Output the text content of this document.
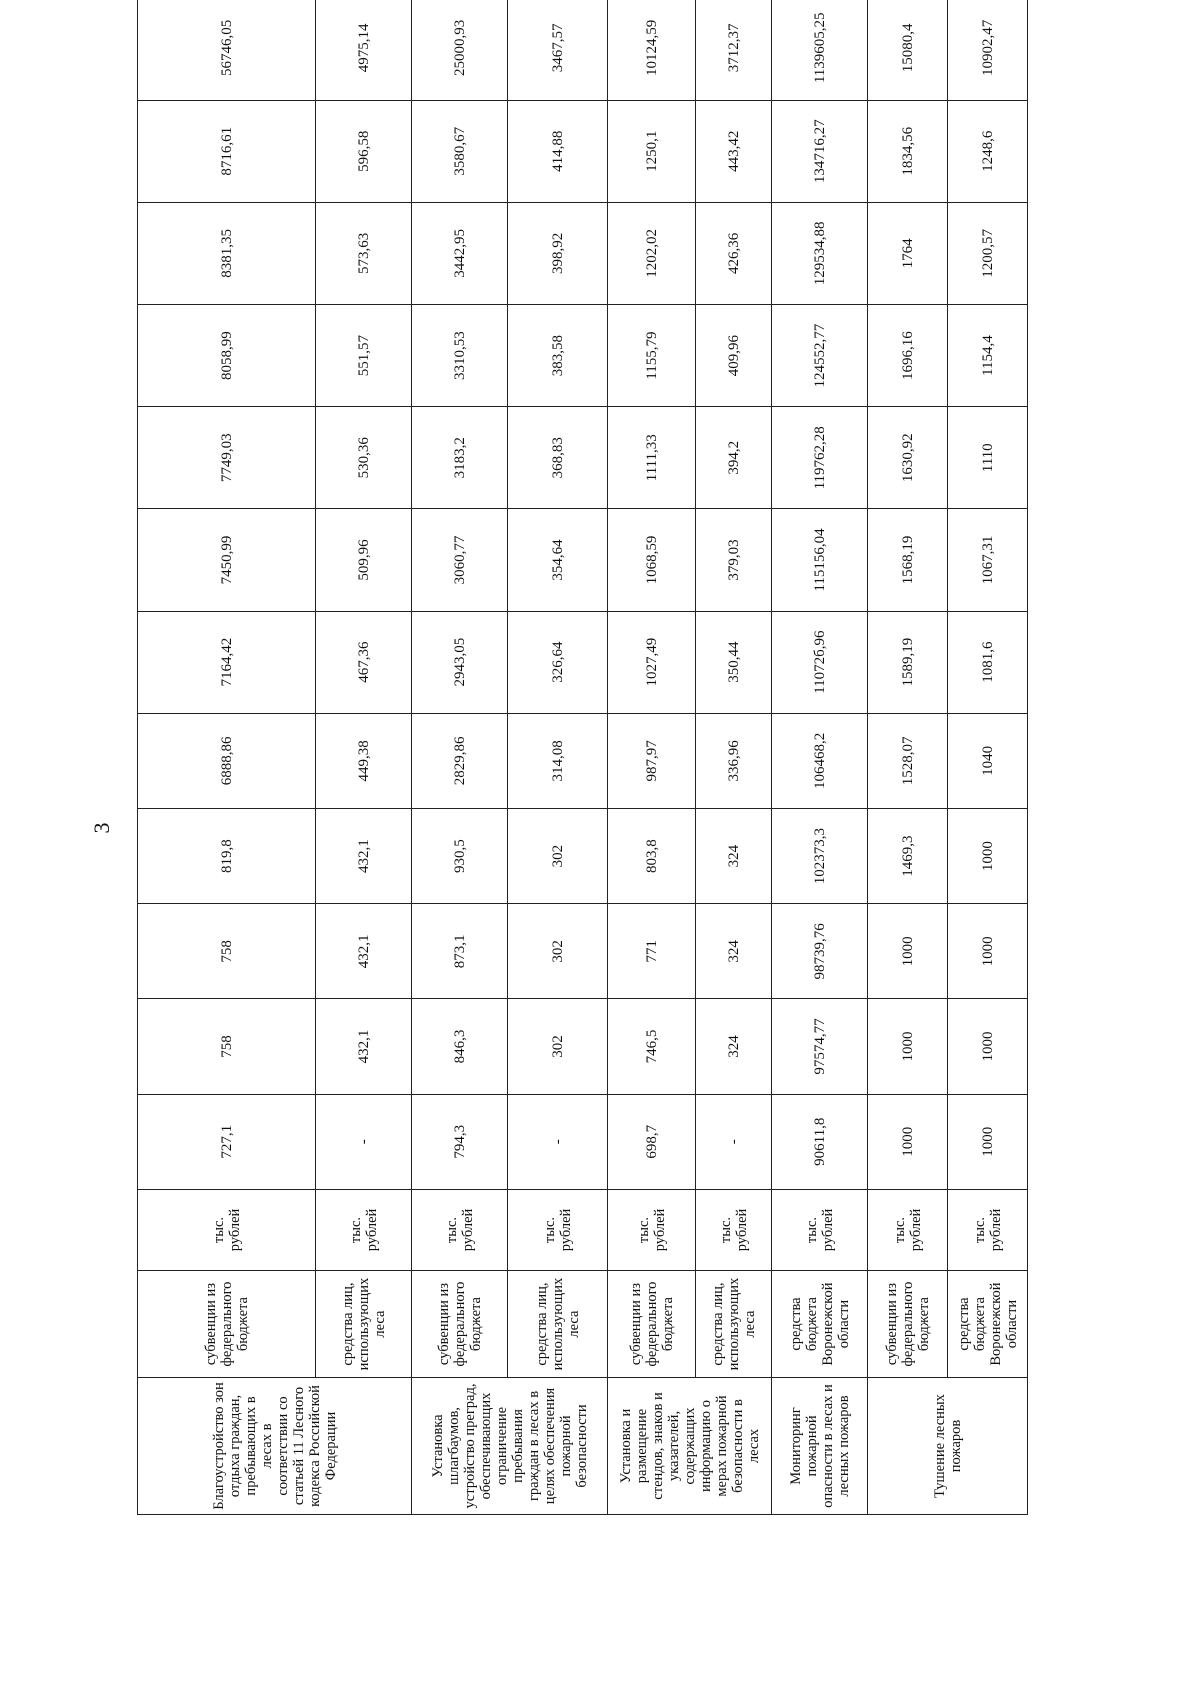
3
Благоустройство зон отдыха граждан, пребывающих в лесах в соответствии со статьей 11 Лесного кодекса Российской Федерации	субвенции из федерального бюджета	тыс. рублей	727,1	758	758	819,8	6888,86	7164,42	7450,99	7749,03	8058,99	8381,35	8716,61	56746,05
	средства лиц, использующих леса	тыс. рублей	-	432,1	432,1	432,1	449,38	467,36	509,96	530,36	551,57	573,63	596,58	4975,14
Установка шлагбаумов, устройство преград, обеспечивающих ограничение пребывания граждан в лесах в целях обеспечения пожарной безопасности	субвенции из федерального бюджета	тыс. рублей	794,3	846,3	873,1	930,5	2829,86	2943,05	3060,77	3183,2	3310,53	3442,95	3580,67	25000,93
	средства лиц, использующих леса	тыс. рублей	-	302	302	302	314,08	326,64	354,64	368,83	383,58	398,92	414,88	3467,57
Установка и размещение стендов, знаков и указателей, содержащих информацию о мерах пожарной безопасности в лесах	субвенции из федерального бюджета	тыс. рублей	698,7	746,5	771	803,8	987,97	1027,49	1068,59	1111,33	1155,79	1202,02	1250,1	10124,59
	средства лиц, использующих леса	тыс. рублей	-	324	324	324	336,96	350,44	379,03	394,2	409,96	426,36	443,42	3712,37
Мониторинг пожарной опасности в лесах и лесных пожаров	средства бюджета Воронежской области	тыс. рублей	90611,8	97574,77	98739,76	102373,3	106468,2	11072б,96	115156,04	119762,28	124552,77	129534,88	134716,27	1139605,25
Тушение лесных пожаров	субвенции из федерального бюджета	тыс. рублей	1000	1000	1000	1469,3	1528,07	1589,19	1568,19	1630,92	1696,16	1764	1834,56	15080,4
	средства бюджета Воронежской области	тыс. рублей	1000	1000	1000	1000	1040	1081,6	1067,31	1110	1154,4	1200,57	1248,6	10902,47
